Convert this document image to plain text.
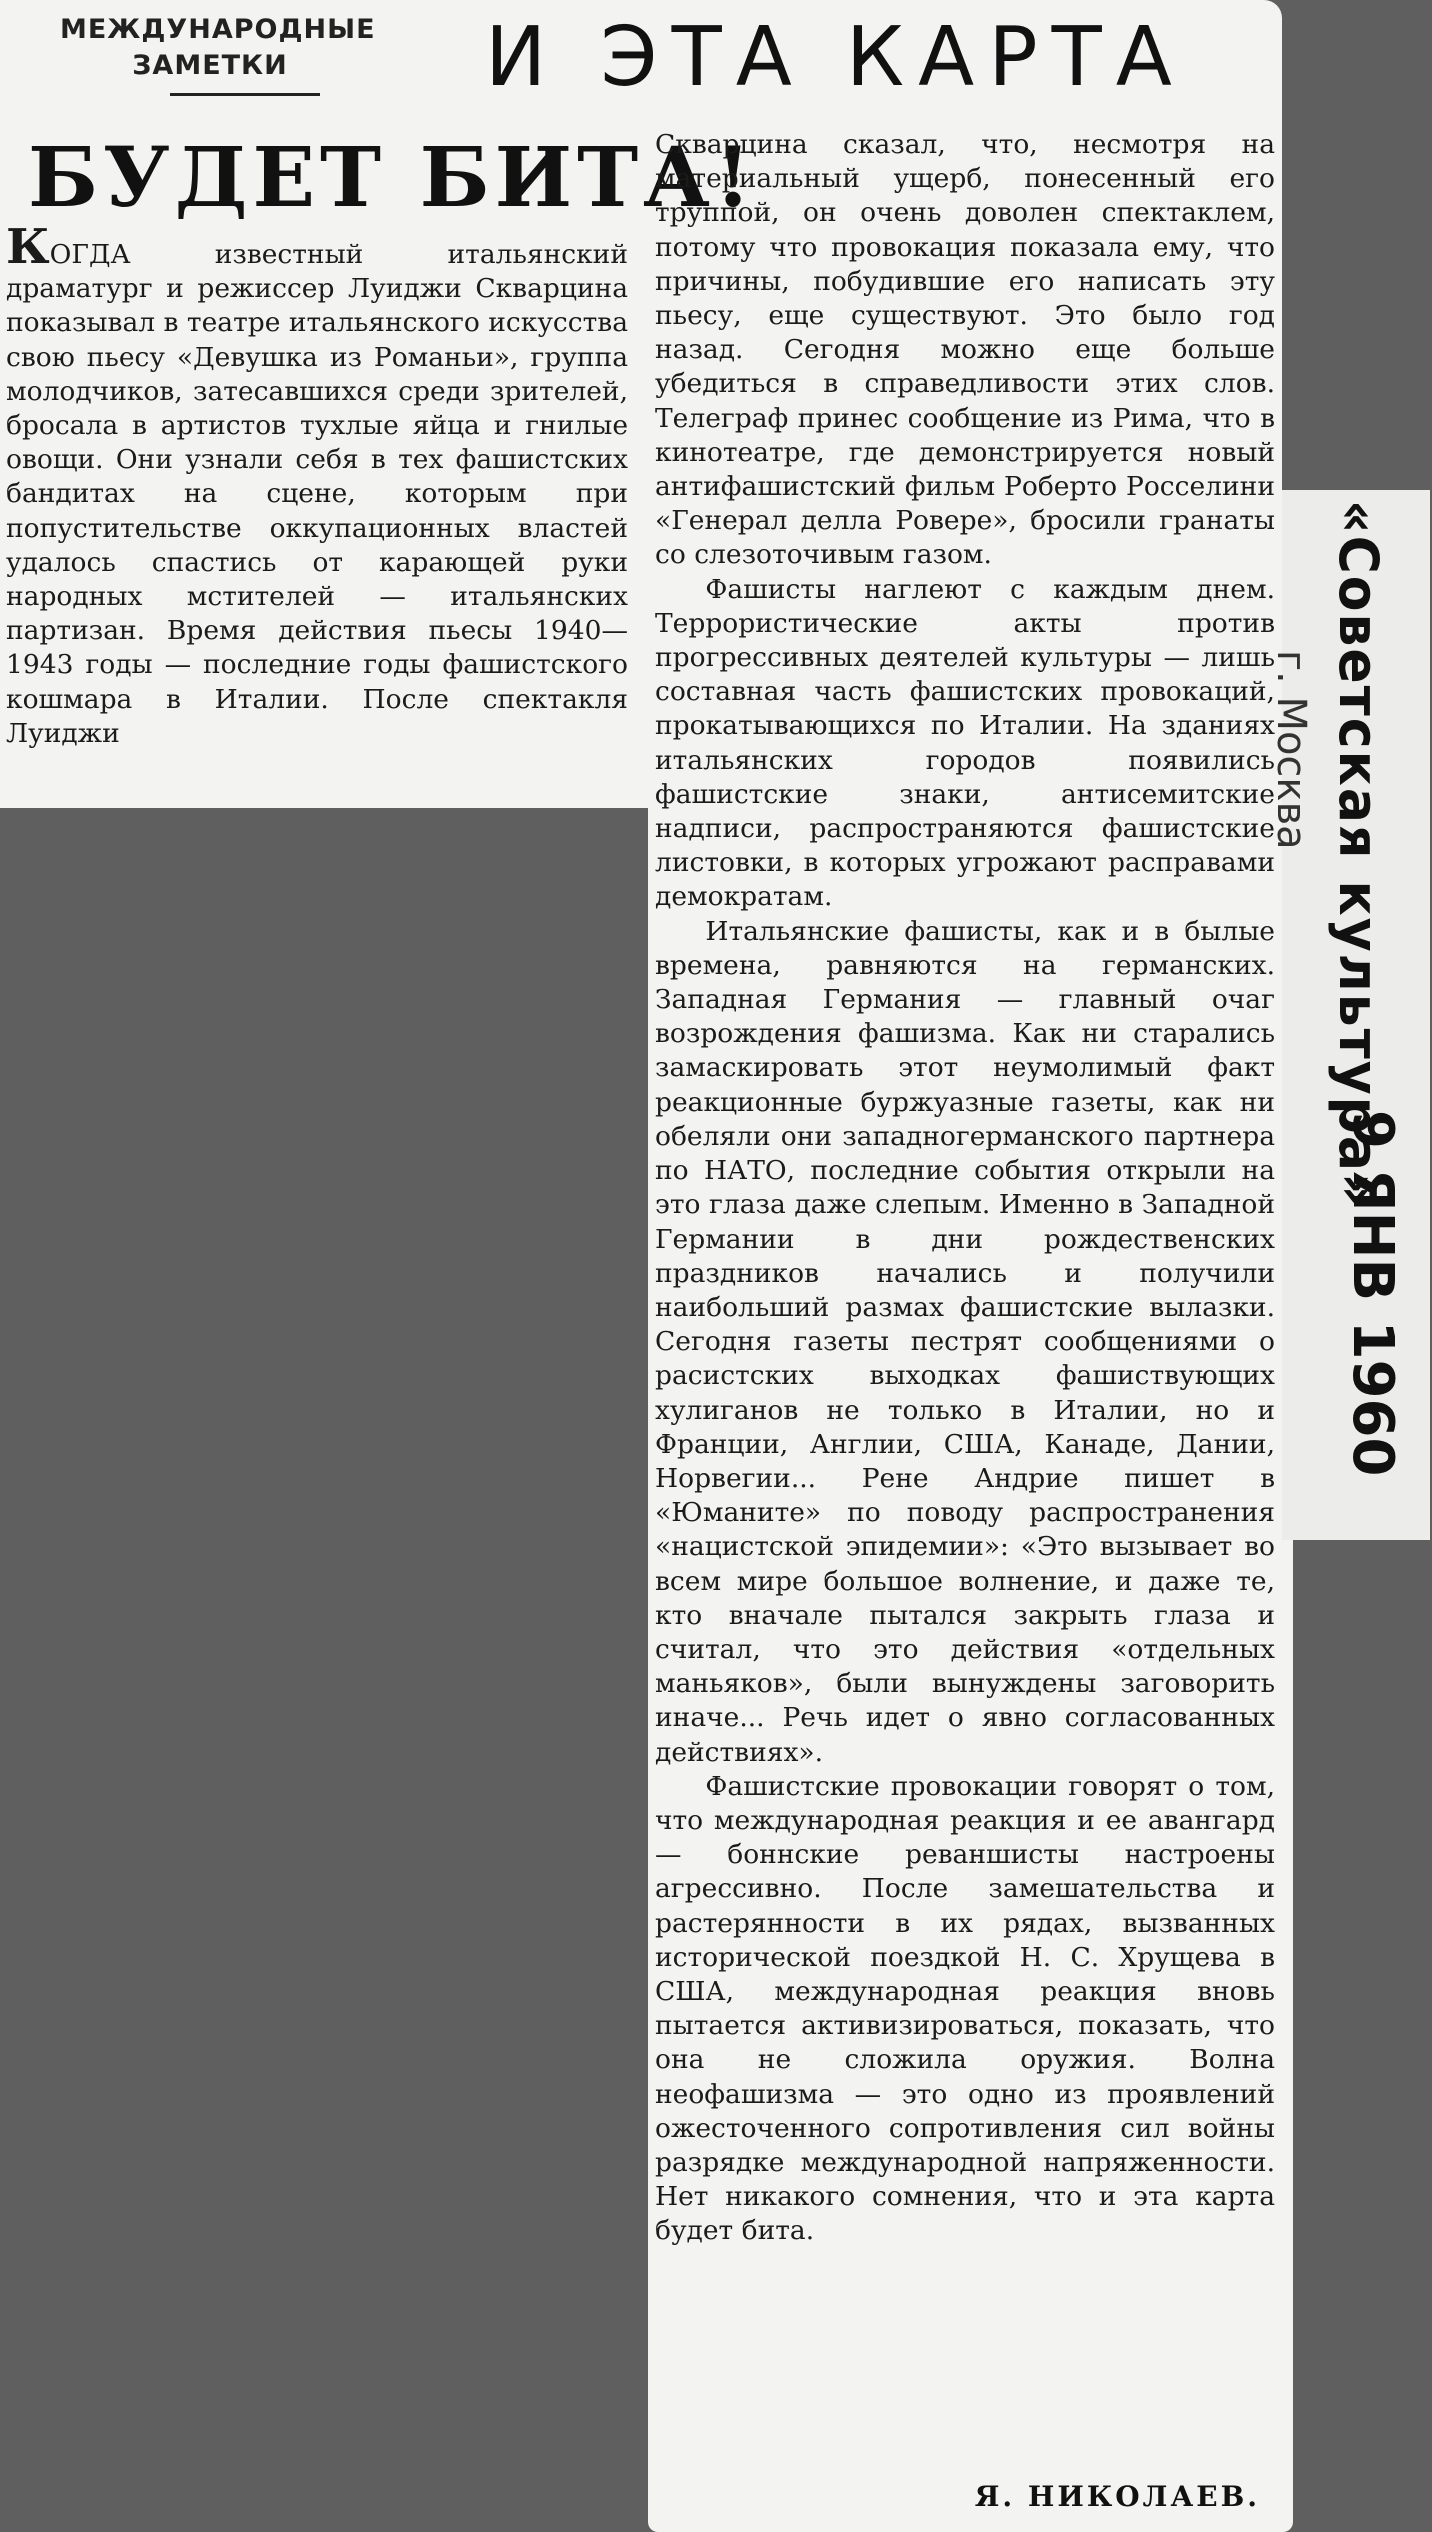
МЕЖДУНАРОДНЫЕ
ЗАМЕТКИ	И ЭТА КАРТА
БУДЕТ БИТА!

КОГДА известный итальянский драматург и режиссер Луиджи Скварцина показывал в театре итальянского искусства свою пьесу «Девушка из Романьи», группа молодчиков, затесавшихся среди зрителей, бросала в артистов тухлые яйца и гнилые овощи. Они узнали себя в тех фашистских бандитах на сцене, которым при попустительстве оккупационных властей удалось спастись от карающей руки народных мстителей — итальянских партизан. Время действия пьесы 1940—1943 годы — последние годы фашистского кошмара в Италии. После спектакля Луиджи

Скварцина сказал, что, несмотря на материальный ущерб, понесенный его труппой, он очень доволен спектаклем, потому что провокация показала ему, что причины, побудившие его написать эту пьесу, еще существуют. Это было год назад. Сегодня можно еще больше убедиться в справедливости этих слов. Телеграф принес сообщение из Рима, что в кинотеатре, где демонстрируется новый антифашистский фильм Роберто Росселини «Генерал делла Ровере», бросили гранаты со слезоточивым газом.

Фашисты наглеют с каждым днем. Террористические акты против прогрессивных деятелей культуры — лишь составная часть фашистских провокаций, прокатывающихся по Италии. На зданиях итальянских городов появились фашистские знаки, антисемитские надписи, распространяются фашистские листовки, в которых угрожают расправами демократам.

Итальянские фашисты, как и в былые времена, равняются на германских. Западная Германия — главный очаг возрождения фашизма. Как ни старались замаскировать этот неумолимый факт реакционные буржуазные газеты, как ни обеляли они западногерманского партнера по НАТО, последние события открыли на это глаза даже слепым. Именно в Западной Германии в дни рождественских праздников начались и получили наибольший размах фашистские вылазки. Сегодня газеты пестрят сообщениями о расистских выходках фашиствующих хулиганов не только в Италии, но и Франции, Англии, США, Канаде, Дании, Норвегии... Рене Андрие пишет в «Юманите» по поводу распространения «нацистской эпидемии»: «Это вызывает во всем мире большое волнение, и даже те, кто вначале пытался закрыть глаза и считал, что это действия «отдельных маньяков», были вынуждены заговорить иначе... Речь идет о явно согласованных действиях».

Фашистские провокации говорят о том, что международная реакция и ее авангард — боннские реваншисты настроены агрессивно. После замешательства и растерянности в их рядах, вызванных исторической поездкой Н. С. Хрущева в США, международная реакция вновь пытается активизироваться, показать, что она не сложила оружия. Волна неофашизма — это одно из проявлений ожесточенного сопротивления сил войны разрядке международной напряженности. Нет никакого сомнения, что и эта карта будет бита.

Я. НИКОЛАЕВ.
«Советская культура»
г. Москва
9 ЯНВ 1960
